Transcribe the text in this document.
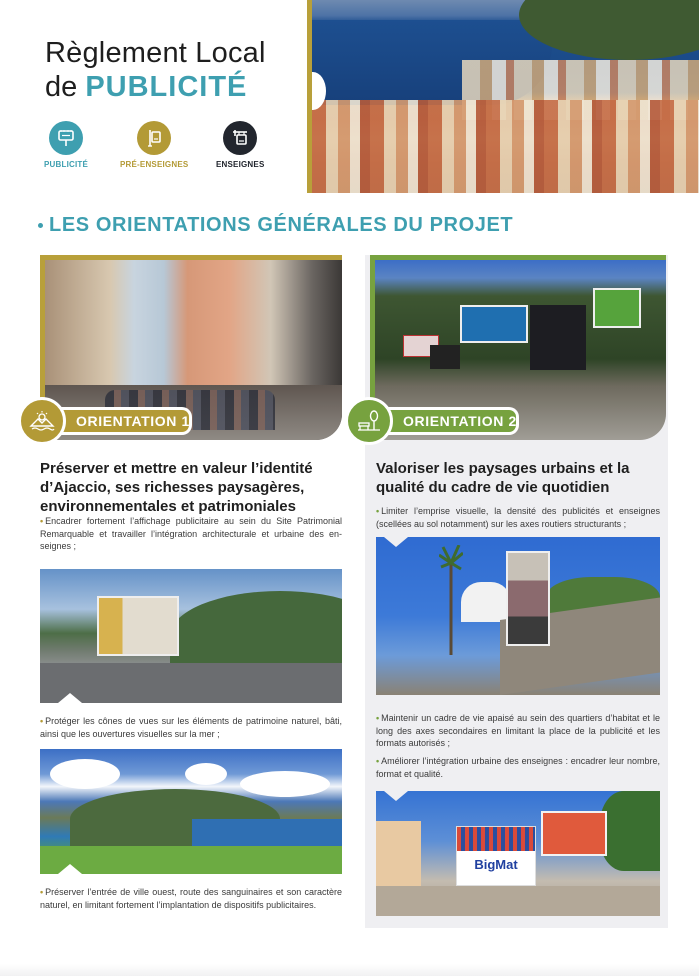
Règlement Local
de PUBLICITÉ
PUBLICITÉ	PRÉ-ENSEIGNES	ENSEIGNES
LES ORIENTATIONS GÉNÉRALES DU PROJET
ORIENTATION 1	ORIENTATION 2
Préserver et mettre en valeur l’identité d’Ajaccio, ses richesses paysagères, environnementales et patrimoniales
• Encadrer fortement l’affichage publicitaire au sein du Site Patrimonial Remarquable et travailler l’intégration architecturale et urbaine des en-seignes ;
• Protéger les cônes de vues sur les éléments de patrimoine naturel, bâti, ainsi que les ouvertures visuelles sur la mer ;
• Préserver l’entrée de ville ouest, route des sanguinaires et son caractère naturel, en limitant fortement l’implantation de dispositifs publicitaires.
Valoriser les paysages urbains et la qualité du cadre de vie quotidien
• Limiter l’emprise visuelle, la densité des publicités et enseignes (scellées au sol notamment) sur les axes routiers structurants ;
• Maintenir un cadre de vie apaisé au sein des quartiers d’habitat et le long des axes secondaires en limitant la place de la publicité et les formats autorisés ;
• Améliorer l’intégration urbaine des enseignes : encadrer leur nombre, format et qualité.
BigMat
